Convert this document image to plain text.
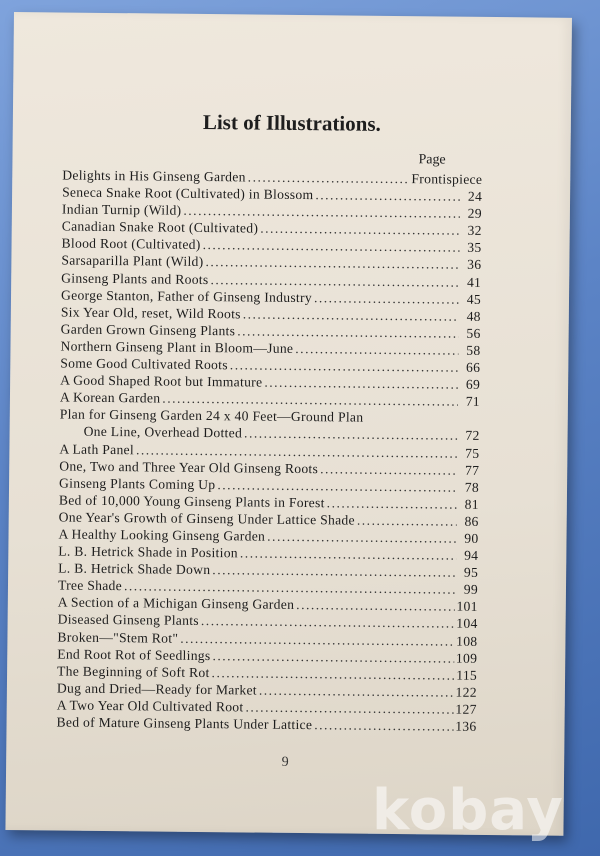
List of Illustrations.
Page
Delights in His Ginseng Garden .....	Frontispiece
Seneca Snake Root (Cultivated) in Blossom .....	24
Indian Turnip (Wild) .....	29
Canadian Snake Root (Cultivated) .....	32
Blood Root (Cultivated) .....	35
Sarsaparilla Plant (Wild) .....	36
Ginseng Plants and Roots .....	41
George Stanton, Father of Ginseng Industry .....	45
Six Year Old, reset, Wild Roots .....	48
Garden Grown Ginseng Plants .....	56
Northern Ginseng Plant in Bloom—June .....	58
Some Good Cultivated Roots .....	66
A Good Shaped Root but Immature .....	69
A Korean Garden .....	71
Plan for Ginseng Garden 24 x 40 Feet—Ground Plan
One Line, Overhead Dotted .....	72
A Lath Panel .....	75
One, Two and Three Year Old Ginseng Roots .....	77
Ginseng Plants Coming Up .....	78
Bed of 10,000 Young Ginseng Plants in Forest .....	81
One Year's Growth of Ginseng Under Lattice Shade .....	86
A Healthy Looking Ginseng Garden .....	90
L. B. Hetrick Shade in Position .....	94
L. B. Hetrick Shade Down .....	95
Tree Shade .....	99
A Section of a Michigan Ginseng Garden .....	101
Diseased Ginseng Plants .....	104
Broken—"Stem Rot" .....	108
End Root Rot of Seedlings .....	109
The Beginning of Soft Rot .....	115
Dug and Dried—Ready for Market .....	122
A Two Year Old Cultivated Root .....	127
Bed of Mature Ginseng Plants Under Lattice .....	136
9
kobay
